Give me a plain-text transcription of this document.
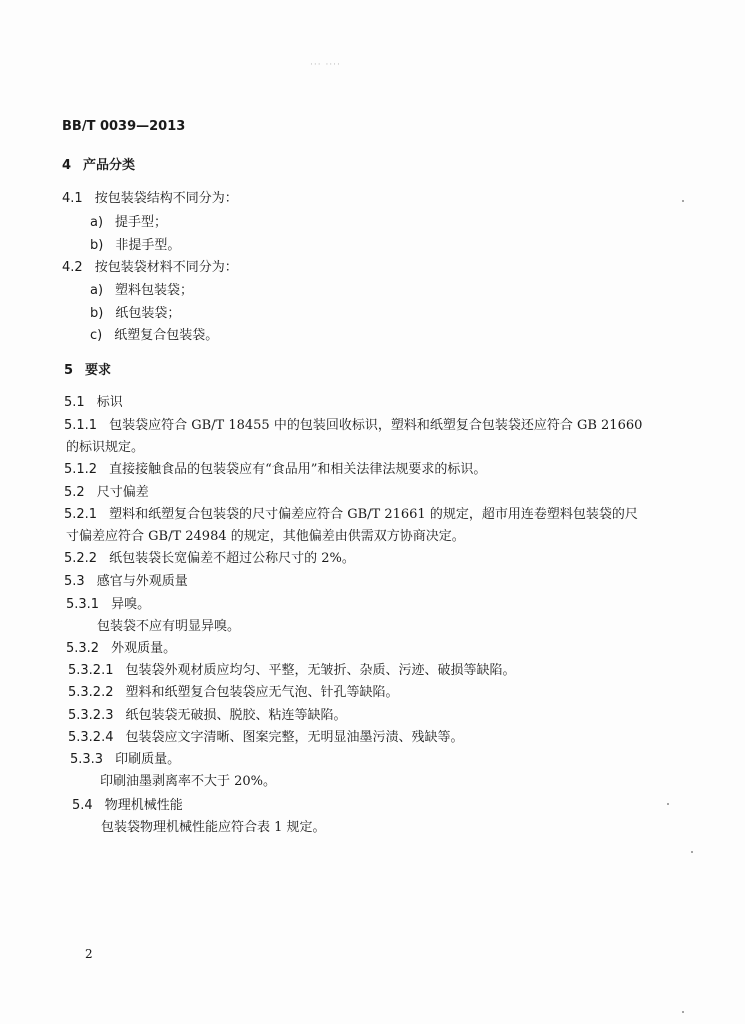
··· ····
BB/T 0039—2013
4 产品分类
4.1 按包装袋结构不同分为：
a) 提手型；
b) 非提手型。
4.2 按包装袋材料不同分为：
a) 塑料包装袋；
b) 纸包装袋；
c) 纸塑复合包装袋。
5 要求
5.1 标识
5.1.1 包装袋应符合 GB/T 18455 中的包装回收标识，塑料和纸塑复合包装袋还应符合 GB 21660
的标识规定。
5.1.2 直接接触食品的包装袋应有“食品用”和相关法律法规要求的标识。
5.2 尺寸偏差
5.2.1 塑料和纸塑复合包装袋的尺寸偏差应符合 GB/T 21661 的规定，超市用连卷塑料包装袋的尺
寸偏差应符合 GB/T 24984 的规定，其他偏差由供需双方协商决定。
5.2.2 纸包装袋长宽偏差不超过公称尺寸的 2%。
5.3 感官与外观质量
5.3.1 异嗅。
包装袋不应有明显异嗅。
5.3.2 外观质量。
5.3.2.1 包装袋外观材质应均匀、平整，无皱折、杂质、污迹、破损等缺陷。
5.3.2.2 塑料和纸塑复合包装袋应无气泡、针孔等缺陷。
5.3.2.3 纸包装袋无破损、脱胶、粘连等缺陷。
5.3.2.4 包装袋应文字清晰、图案完整，无明显油墨污渍、残缺等。
5.3.3 印刷质量。
印刷油墨剥离率不大于 20%。
5.4 物理机械性能
包装袋物理机械性能应符合表 1 规定。
2
